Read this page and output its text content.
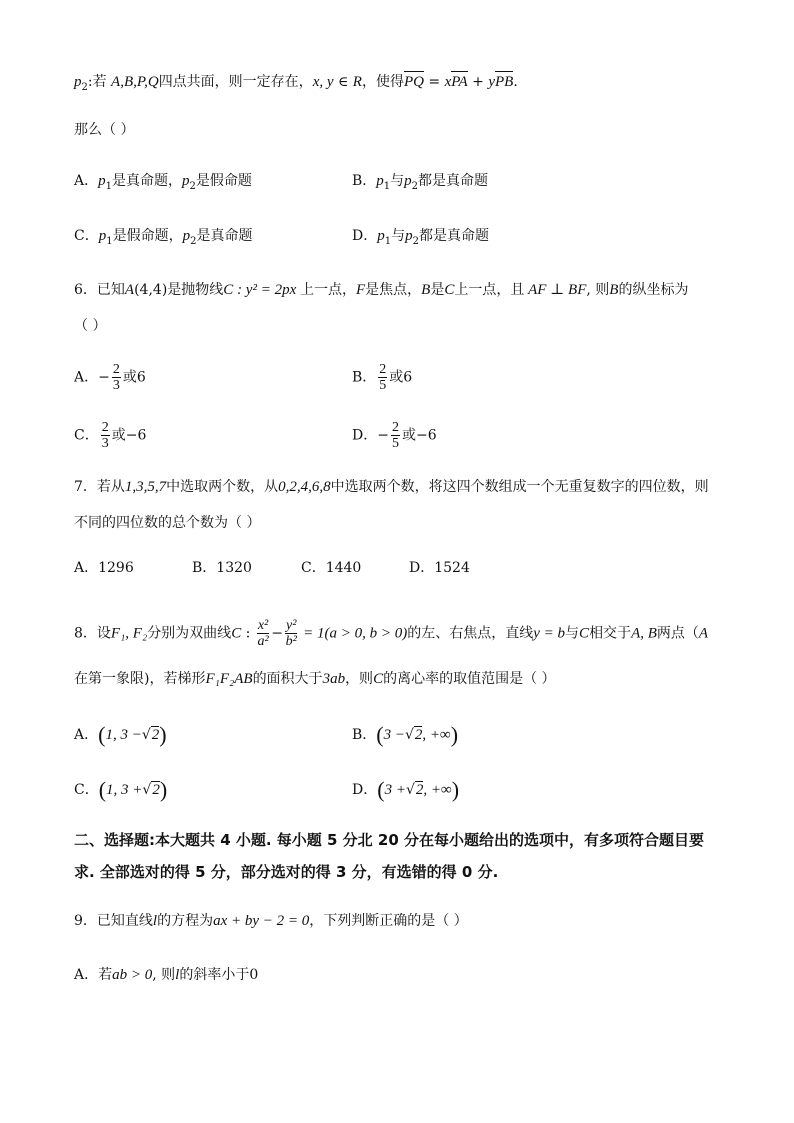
$p_2$:若 A,B,P,Q四点共面，则一定存在，x, y ∈ R，使得PQ = xPA + yPB.
那么（ ）
A．$p_1$是真命题，$p_2$是假命题	B．$p_1$与$p_2$都是真命题
C．$p_1$是假命题，$p_2$是真命题	D．$p_1$与$p_2$都是真命题
6．已知A(4,4)是抛物线C : y² = 2px 上一点，F是焦点，B是C上一点，且 AF ⊥ BF, 则B的纵坐标为
（ ）
A．− $\frac{2}{3}$ 或6	B． $\frac{2}{5}$ 或6
C． $\frac{2}{3}$ 或−6	D．− $\frac{2}{5}$ 或−6
7．若从1,3,5,7中选取两个数，从0,2,4,6,8中选取两个数，将这四个数组成一个无重复数字的四位数，则
不同的四位数的总个数为（ ）
A．1296	B．1320	C．1440	D．1524
8．设F₁, F₂分别为双曲线C : $\frac{\text{x²}}{\text{a²}} - \frac{\text{y²}}{\text{b²}} = 1(a > 0$, b > 0)的左、右焦点，直线y = b与C相交于A, B两点（A
在第一象限)，若梯形F₁F₂AB的面积大于3ab，则C的离心率的取值范围是（ ）
A．(1, 3 −√2)	B．(3 −√2, +∞)
C．(1, 3 +√2)	D．(3 +√2, +∞)
二、选择题:本大题共 4 小题. 每小题 5 分北 20 分在每小题给出的选项中，有多项符合题目要
求. 全部选对的得 5 分，部分选对的得 3 分，有选错的得 0 分.
9．已知直线l的方程为ax + by − 2 = 0，下列判断正确的是（ ）
A．若ab > 0, 则l的斜率小于0
